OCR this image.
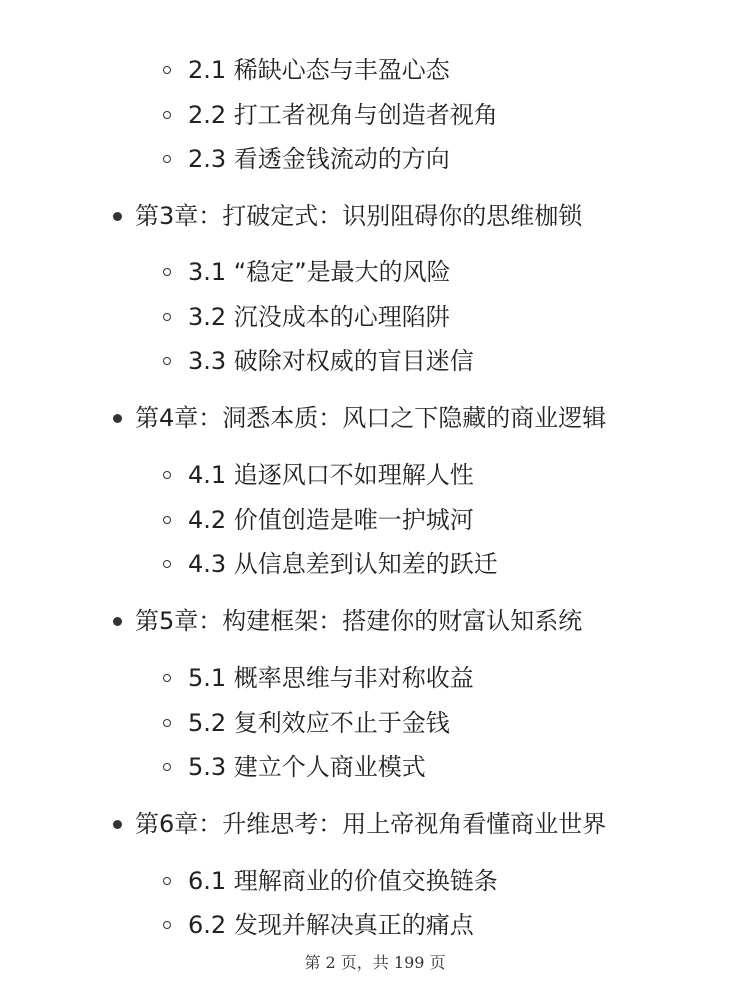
2.1 稀缺心态与丰盈心态
2.2 打工者视角与创造者视角
2.3 看透金钱流动的方向
第3章：打破定式：识别阻碍你的思维枷锁
3.1 “稳定”是最大的风险
3.2 沉没成本的心理陷阱
3.3 破除对权威的盲目迷信
第4章：洞悉本质：风口之下隐藏的商业逻辑
4.1 追逐风口不如理解人性
4.2 价值创造是唯一护城河
4.3 从信息差到认知差的跃迁
第5章：构建框架：搭建你的财富认知系统
5.1 概率思维与非对称收益
5.2 复利效应不止于金钱
5.3 建立个人商业模式
第6章：升维思考：用上帝视角看懂商业世界
6.1 理解商业的价值交换链条
6.2 发现并解决真正的痛点
第 2 页，共 199 页
